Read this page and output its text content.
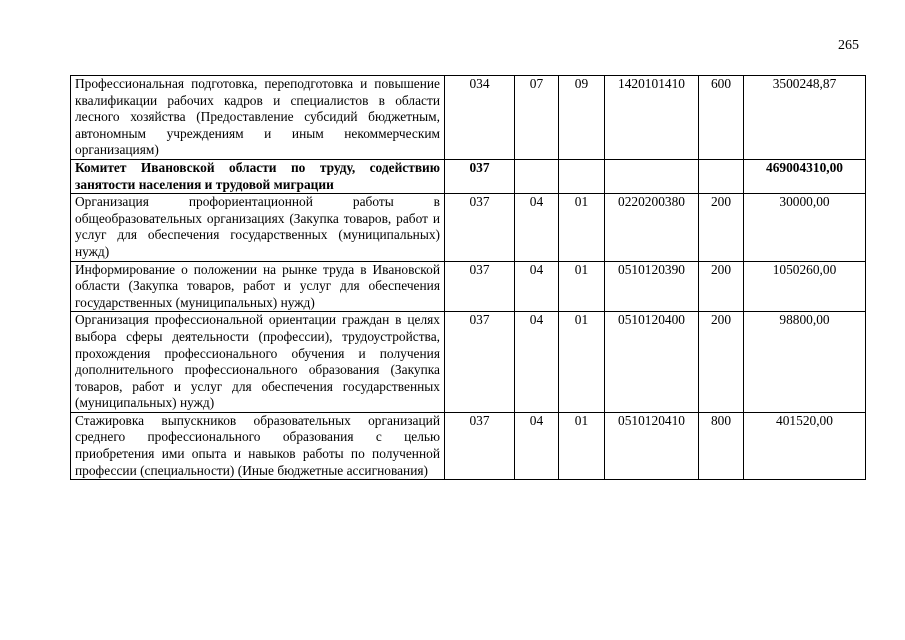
265
Профессиональная подготовка, переподготовка и повышение квалификации рабочих кадров и специалистов в области лесного хозяйства (Предоставление субсидий бюджетным, автономным учреждениям и иным некоммерческим организациям)	034	07	09	1420101410	600	3500248,87
Комитет Ивановской области по труду, содействию занятости населения и трудовой миграции	037					469004310,00
Организация профориентационной работы в общеобразовательных организациях (Закупка товаров, работ и услуг для обеспечения государственных (муниципальных) нужд)	037	04	01	0220200380	200	30000,00
Информирование о положении на рынке труда в Ивановской области (Закупка товаров, работ и услуг для обеспечения государственных (муниципальных) нужд)	037	04	01	0510120390	200	1050260,00
Организация профессиональной ориентации граждан в целях выбора сферы деятельности (профессии), трудоустройства, прохождения профессионального обучения и получения дополнительного профессионального образования (Закупка товаров, работ и услуг для обеспечения государственных (муниципальных) нужд)	037	04	01	0510120400	200	98800,00
Стажировка выпускников образовательных организаций среднего профессионального образования с целью приобретения ими опыта и навыков работы по полученной профессии (специальности) (Иные бюджетные ассигнования)	037	04	01	0510120410	800	401520,00
